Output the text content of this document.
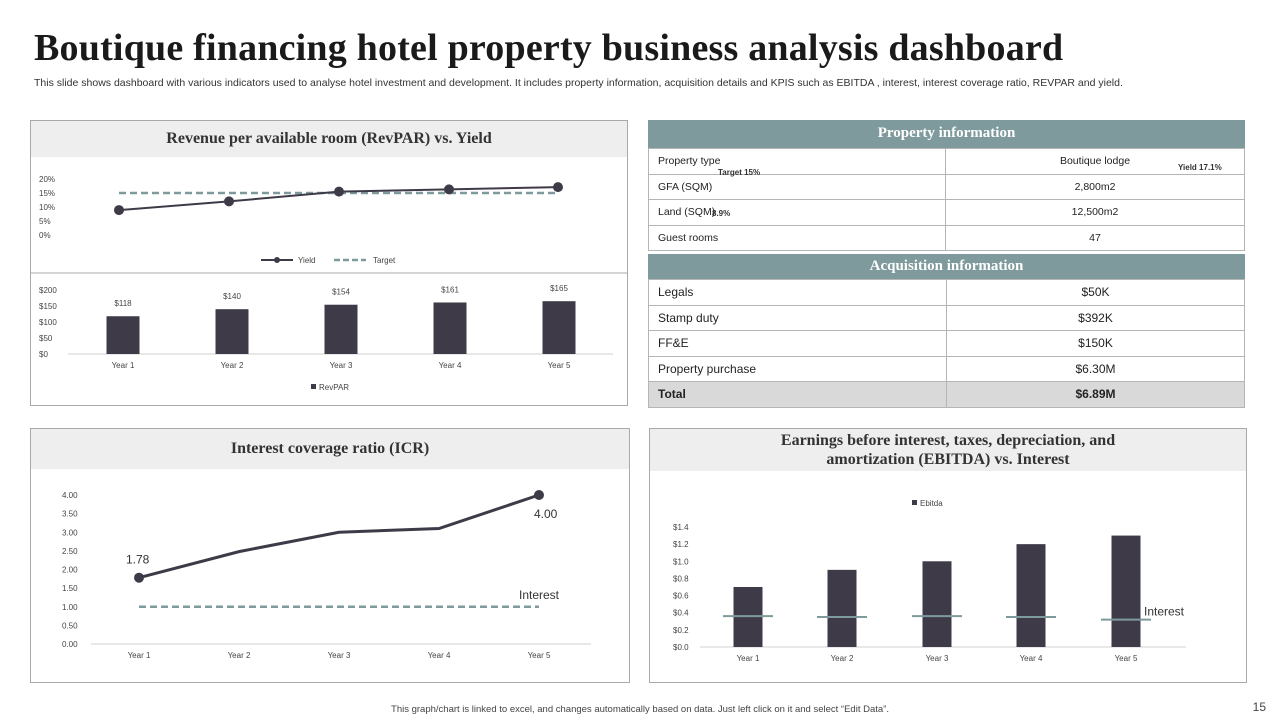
Boutique financing hotel property business analysis dashboard
This slide shows dashboard with various indicators used to analyse hotel investment and development. It includes property information, acquisition details and KPIS such as EBITDA , interest, interest coverage ratio, REVPAR and yield.
Revenue per available room (RevPAR) vs. Yield
0%
5%
10%
15%
20%
Yield	Target
$0
$50
$100
$150
$200
$118
Year 1
$140
Year 2
$154
Year 3
$161
Year 4
$165
Year 5
RevPAR
Property information
Property type	Boutique lodge
GFA (SQM)	2,800m2
Land (SQM)	12,500m2
Guest rooms	47
Target 15%
Yield 17.1%
8.9%
Acquisition information
Legals	$50K
Stamp duty	$392K
FF&E	$150K
Property purchase	$6.30M
Total	$6.89M
Interest coverage ratio (ICR)
0.00
0.50
1.00
1.50
2.00
2.50
3.00
3.50
4.00
Interest
1.78
4.00
Year 1	Year 2	Year 3	Year 4	Year 5
Earnings before interest, taxes, depreciation, and
amortization (EBITDA) vs. Interest
$0.0
$0.2
$0.4
$0.6
$0.8
$1.0
$1.2
$1.4
Year 1	Year 2	Year 3	Year 4	Year 5
Interest
Ebitda
This graph/chart is linked to excel, and changes automatically based on data. Just left click on it and select “Edit Data”.	15
